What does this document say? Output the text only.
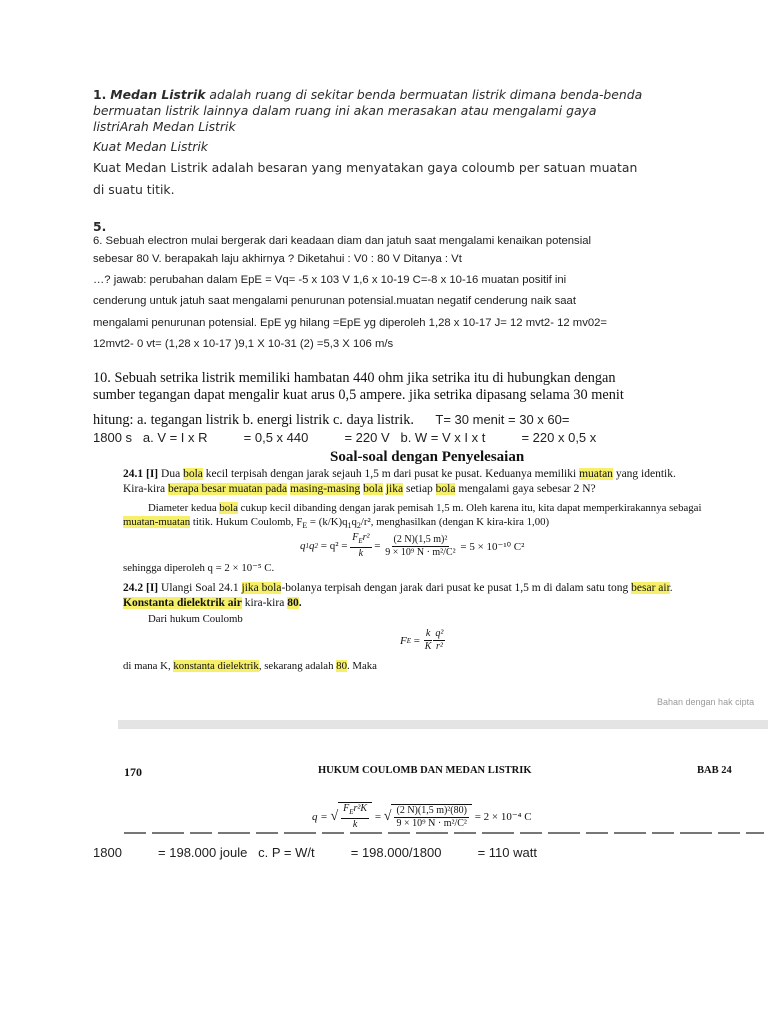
1. Medan Listrik adalah ruang di sekitar benda bermuatan listrik dimana benda-benda
bermuatan listrik lainnya dalam ruang ini akan merasakan atau mengalami gaya
listriArah Medan Listrik
Kuat Medan Listrik
Kuat Medan Listrik adalah besaran yang menyatakan gaya coloumb per satuan muatan
di suatu titik.
5.
6. Sebuah electron mulai bergerak dari keadaan diam dan jatuh saat mengalami kenaikan potensial
sebesar 80 V. berapakah laju akhirnya ? Diketahui : V0 : 80 V Ditanya : Vt
…? jawab: perubahan dalam EpE = Vq= -5 x 103 V 1,6 x 10-19 C=-8 x 10-16 muatan positif ini
cenderung untuk jatuh saat mengalami penurunan potensial.muatan negatif cenderung naik saat
mengalami penurunan potensial. EpE yg hilang =EpE yg diperoleh 1,28 x 10-17 J= 12 mvt2- 12 mv02=
12mvt2- 0 vt= (1,28 x 10-17 )9,1 X 10-31 (2) =5,3 X 106 m/s
10. Sebuah setrika listrik memiliki hambatan 440 ohm jika setrika itu di hubungkan dengan
sumber tegangan dapat mengalir kuat arus 0,5 ampere. jika setrika dipasang selama 30 menit
hitung: a. tegangan listrik b. energi listrik c. daya listrik.      T= 30 menit = 30 x 60=
1800 s   a. V = I x R          = 0,5 x 440          = 220 V   b. W = V x I x t          = 220 x 0,5 x
Soal-soal dengan Penyelesaian
24.1 [I] Dua bola kecil terpisah dengan jarak sejauh 1,5 m dari pusat ke pusat. Keduanya memiliki muatan yang identik.
Kira-kira berapa besar muatan pada masing-masing bola jika setiap bola mengalami gaya sebesar 2 N?
Diameter kedua bola cukup kecil dibanding dengan jarak pemisah 1,5 m. Oleh karena itu, kita dapat memperkirakannya sebagai
muatan-muatan titik. Hukum Coulomb, $F_E = (k/K)q_1q_2/r^2$, menghasilkan (dengan K kira-kira 1,00)
q 1 q $2 = q^2 = \frac{F_Er^2}{k} = \frac{\text{(2 N)(1,5 m)²}}{\text{9 × 10⁹ N · m²/C²}} = 5 \times 10^{-10}$ C²
sehingga diperoleh q = 2 × 10⁻⁵ C.
24.2 [I] Ulangi Soal 24.1 jika bola-bolanya terpisah dengan jarak dari pusat ke pusat 1,5 m di dalam satu tong besar air.
Konstanta dielektrik air kira-kira 80.
Dari hukum Coulomb
F $E = \frac{k}{K} \frac{\text{q²}}{\text{r²}}$
di mana K, konstanta dielektrik, sekarang adalah 80. Maka
Bahan dengan hak cipta
170	HUKUM COULOMB DAN MEDAN LISTRIK	BAB 24
q = √ $\frac{F_Er^2K}{k}$ = √ $\frac{\text{(2 N)(1,5 m)²(80)}}{\text{9 × 10⁹ N · m²/C²}} = 2 \times 10^{-4}$ C
1800          = 198.000 joule   c. P = W/t          = 198.000/1800          = 110 watt
